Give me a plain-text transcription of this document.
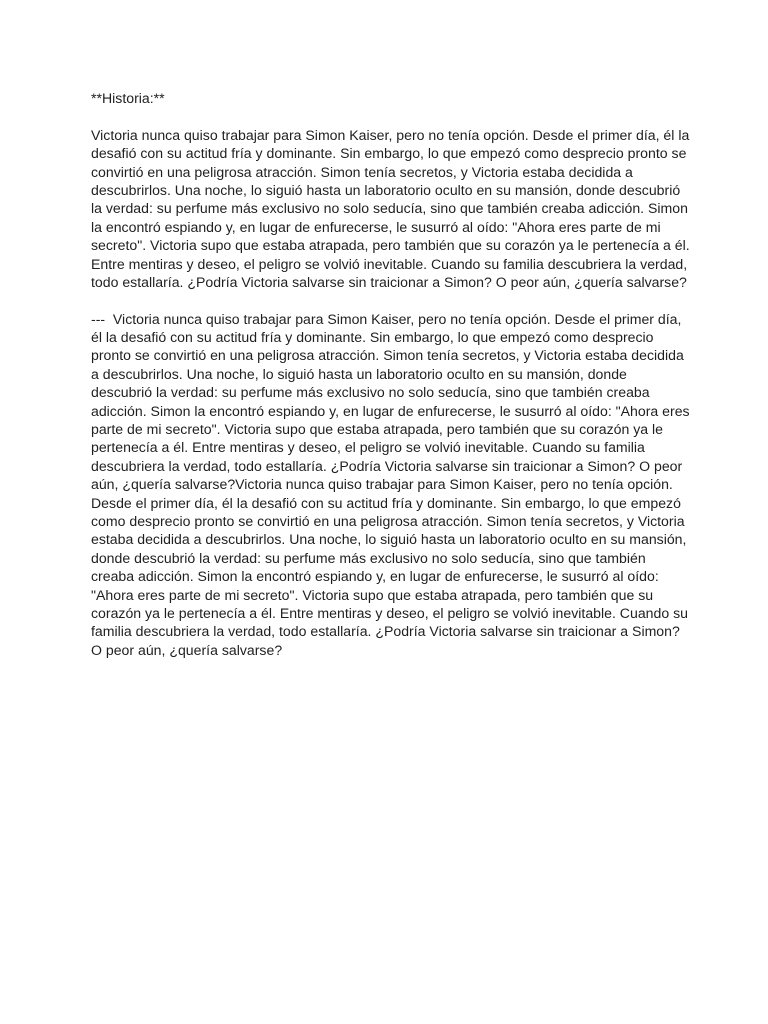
**Historia:**
Victoria nunca quiso trabajar para Simon Kaiser, pero no tenía opción. Desde el primer día, él la
desafió con su actitud fría y dominante. Sin embargo, lo que empezó como desprecio pronto se
convirtió en una peligrosa atracción. Simon tenía secretos, y Victoria estaba decidida a
descubrirlos. Una noche, lo siguió hasta un laboratorio oculto en su mansión, donde descubrió
la verdad: su perfume más exclusivo no solo seducía, sino que también creaba adicción. Simon
la encontró espiando y, en lugar de enfurecerse, le susurró al oído: "Ahora eres parte de mi
secreto". Victoria supo que estaba atrapada, pero también que su corazón ya le pertenecía a él.
Entre mentiras y deseo, el peligro se volvió inevitable. Cuando su familia descubriera la verdad,
todo estallaría. ¿Podría Victoria salvarse sin traicionar a Simon? O peor aún, ¿quería salvarse?
---  Victoria nunca quiso trabajar para Simon Kaiser, pero no tenía opción. Desde el primer día,
él la desafió con su actitud fría y dominante. Sin embargo, lo que empezó como desprecio
pronto se convirtió en una peligrosa atracción. Simon tenía secretos, y Victoria estaba decidida
a descubrirlos. Una noche, lo siguió hasta un laboratorio oculto en su mansión, donde
descubrió la verdad: su perfume más exclusivo no solo seducía, sino que también creaba
adicción. Simon la encontró espiando y, en lugar de enfurecerse, le susurró al oído: "Ahora eres
parte de mi secreto". Victoria supo que estaba atrapada, pero también que su corazón ya le
pertenecía a él. Entre mentiras y deseo, el peligro se volvió inevitable. Cuando su familia
descubriera la verdad, todo estallaría. ¿Podría Victoria salvarse sin traicionar a Simon? O peor
aún, ¿quería salvarse?Victoria nunca quiso trabajar para Simon Kaiser, pero no tenía opción.
Desde el primer día, él la desafió con su actitud fría y dominante. Sin embargo, lo que empezó
como desprecio pronto se convirtió en una peligrosa atracción. Simon tenía secretos, y Victoria
estaba decidida a descubrirlos. Una noche, lo siguió hasta un laboratorio oculto en su mansión,
donde descubrió la verdad: su perfume más exclusivo no solo seducía, sino que también
creaba adicción. Simon la encontró espiando y, en lugar de enfurecerse, le susurró al oído:
"Ahora eres parte de mi secreto". Victoria supo que estaba atrapada, pero también que su
corazón ya le pertenecía a él. Entre mentiras y deseo, el peligro se volvió inevitable. Cuando su
familia descubriera la verdad, todo estallaría. ¿Podría Victoria salvarse sin traicionar a Simon?
O peor aún, ¿quería salvarse?
